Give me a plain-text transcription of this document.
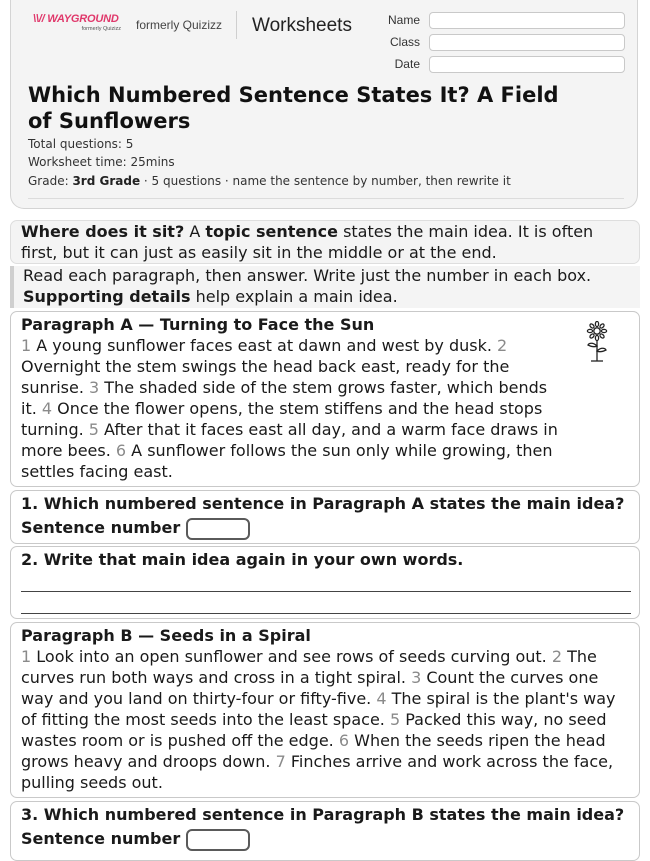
\\// WAYGROUND
formerly Quizizz formerly Quizizz Worksheets	Name
Class
Date
Which Numbered Sentence States It? A Field of Sunflowers
Total questions: 5
Worksheet time: 25mins
Grade: 3rd Grade · 5 questions · name the sentence by number, then rewrite it
Where does it sit? A topic sentence states the main idea. It is often first, but it can just as easily sit in the middle or at the end.
Read each paragraph, then answer. Write just the number in each box.
Supporting details help explain a main idea.
Paragraph A — Turning to Face the Sun
1 A young sunflower faces east at dawn and west by dusk. 2 Overnight the stem swings the head back east, ready for the sunrise. 3 The shaded side of the stem grows faster, which bends it. 4 Once the flower opens, the stem stiffens and the head stops turning. 5 After that it faces east all day, and a warm face draws in more bees. 6 A sunflower follows the sun only while growing, then settles facing east.
1. Which numbered sentence in Paragraph A states the main idea?
Sentence number
2. Write that main idea again in your own words.
Paragraph B — Seeds in a Spiral
1 Look into an open sunflower and see rows of seeds curving out. 2 The curves run both ways and cross in a tight spiral. 3 Count the curves one way and you land on thirty-four or fifty-five. 4 The spiral is the plant's way of fitting the most seeds into the least space. 5 Packed this way, no seed wastes room or is pushed off the edge. 6 When the seeds ripen the head grows heavy and droops down. 7 Finches arrive and work across the face, pulling seeds out.
3. Which numbered sentence in Paragraph B states the main idea?
Sentence number
